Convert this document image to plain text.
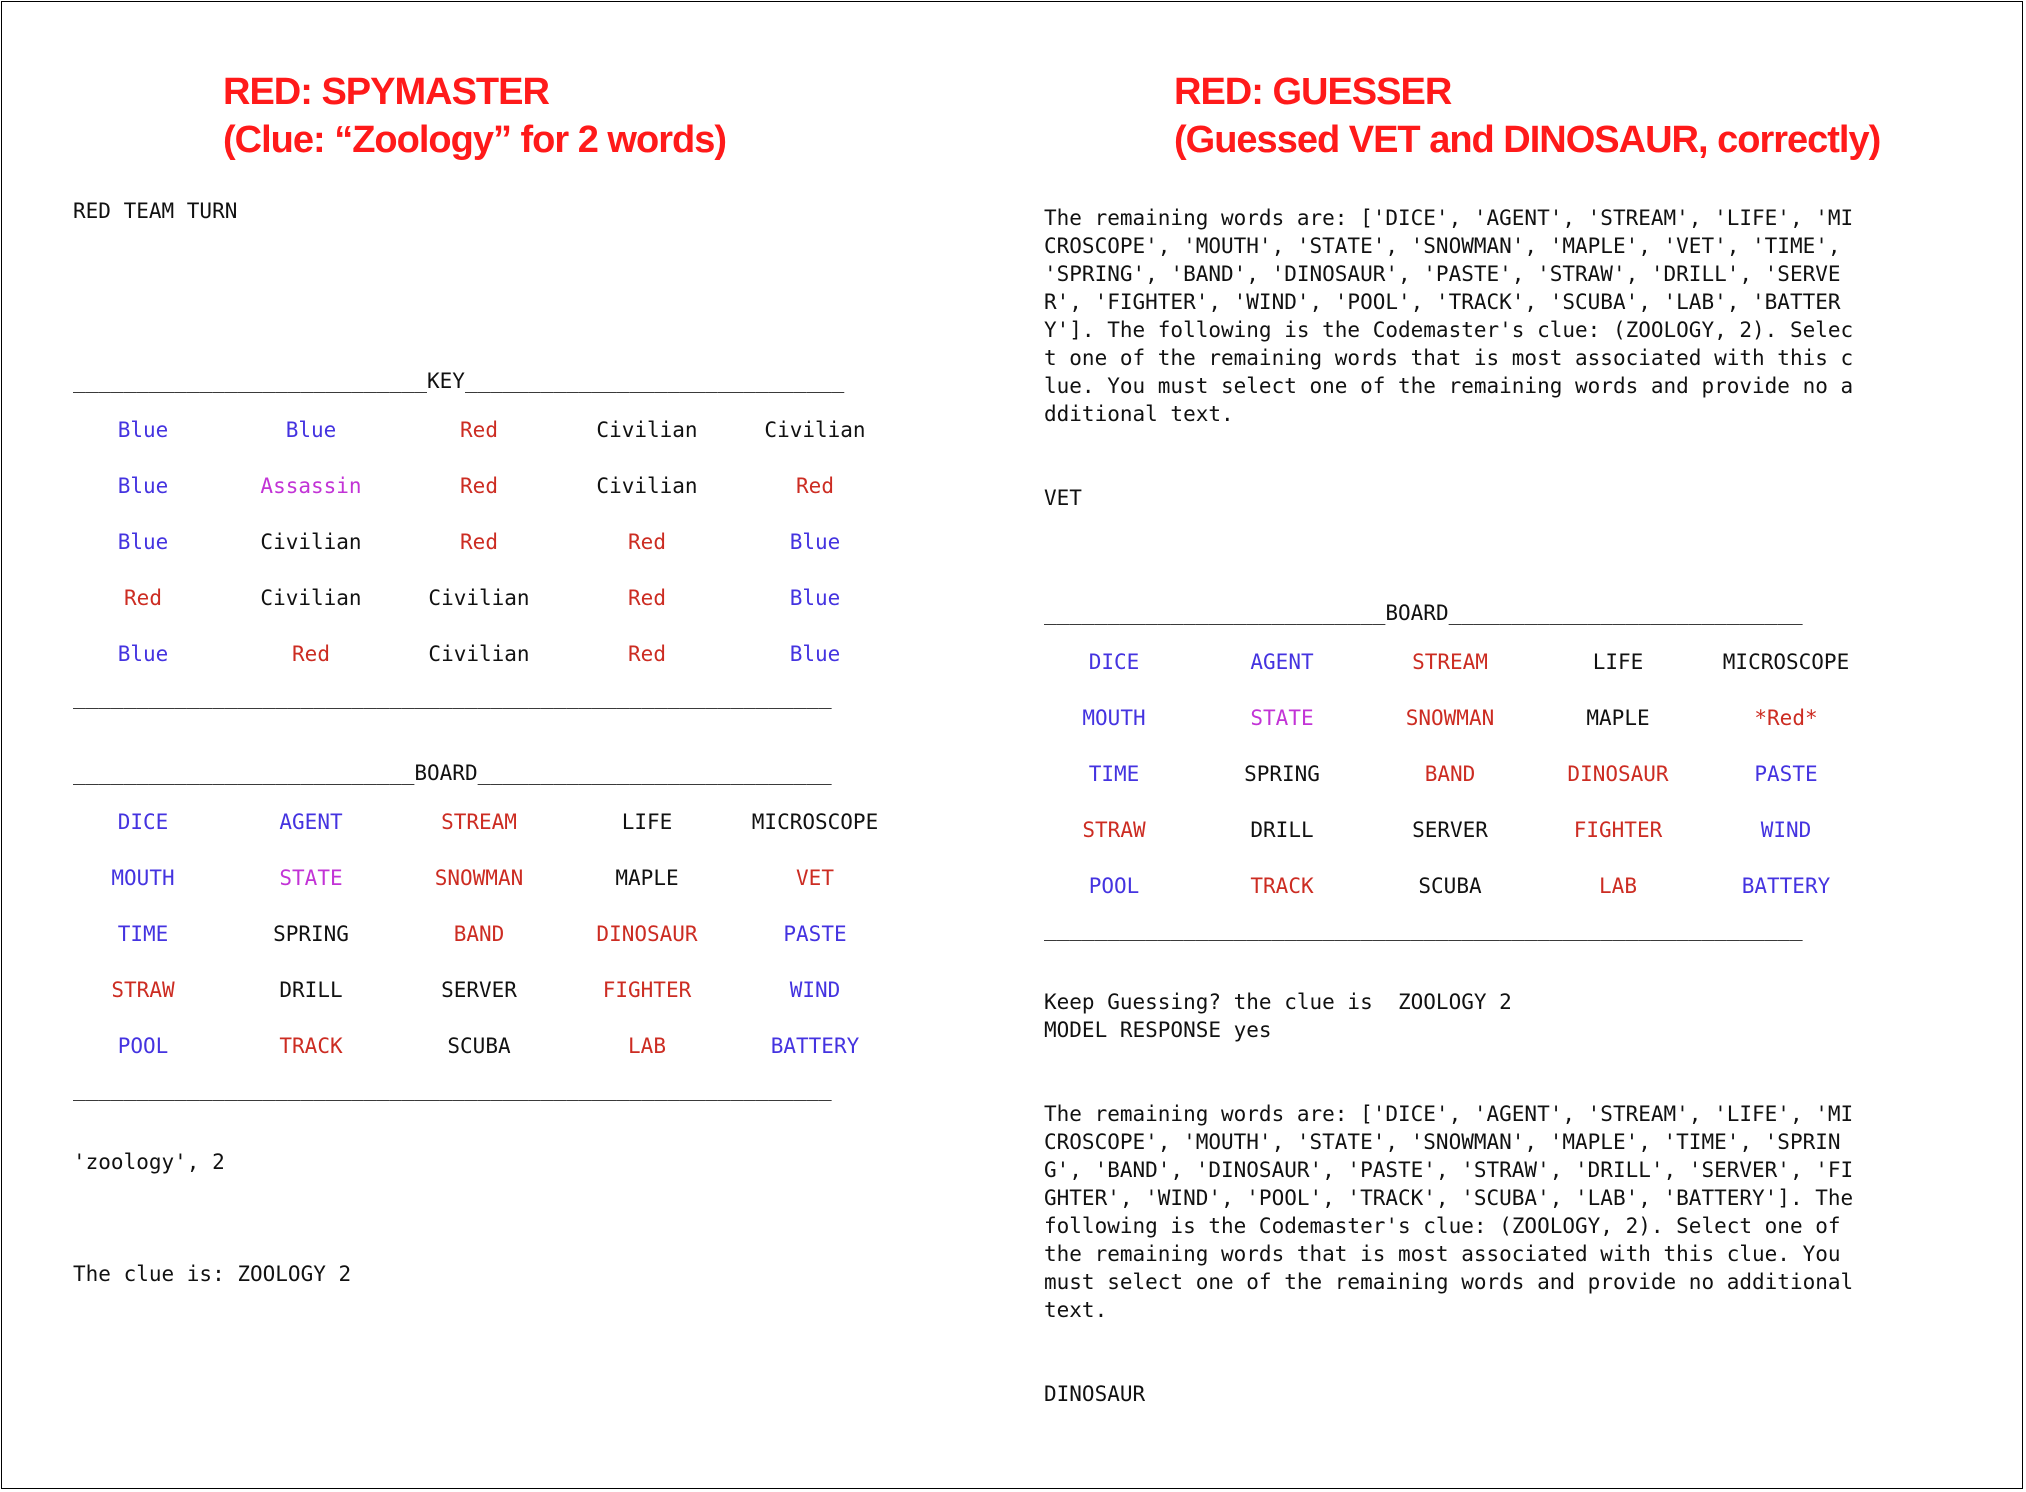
RED: SPYMASTER
(Clue: “Zoology” for 2 words)
RED TEAM TURN
____________________________KEY______________________________
Blue	Blue	Red	Civilian	Civilian
Blue	Assassin	Red	Civilian	Red
Blue	Civilian	Red	Red	Blue
Red	Civilian	Civilian	Red	Blue
Blue	Red	Civilian	Red	Blue
____________________________________________________________
___________________________BOARD____________________________
DICE	AGENT	STREAM	LIFE	MICROSCOPE
MOUTH	STATE	SNOWMAN	MAPLE	VET
TIME	SPRING	BAND	DINOSAUR	PASTE
STRAW	DRILL	SERVER	FIGHTER	WIND
POOL	TRACK	SCUBA	LAB	BATTERY
____________________________________________________________
'zoology', 2
The clue is: ZOOLOGY 2
RED: GUESSER
(Guessed VET and DINOSAUR, correctly)
The remaining words are: ['DICE', 'AGENT', 'STREAM', 'LIFE', 'MICROSCOPE', 'MOUTH', 'STATE', 'SNOWMAN', 'MAPLE', 'VET', 'TIME', 'SPRING', 'BAND', 'DINOSAUR', 'PASTE', 'STRAW', 'DRILL', 'SERVER', 'FIGHTER', 'WIND', 'POOL', 'TRACK', 'SCUBA', 'LAB', 'BATTERY']. The following is the Codemaster's clue: (ZOOLOGY, 2). Select one of the remaining words that is most associated with this clue. You must select one of the remaining words and provide no additional text.
VET
___________________________BOARD____________________________
DICE	AGENT	STREAM	LIFE	MICROSCOPE
MOUTH	STATE	SNOWMAN	MAPLE	*Red*
TIME	SPRING	BAND	DINOSAUR	PASTE
STRAW	DRILL	SERVER	FIGHTER	WIND
POOL	TRACK	SCUBA	LAB	BATTERY
____________________________________________________________
Keep Guessing? the clue is  ZOOLOGY 2
MODEL RESPONSE yes
The remaining words are: ['DICE', 'AGENT', 'STREAM', 'LIFE', 'MICROSCOPE', 'MOUTH', 'STATE', 'SNOWMAN', 'MAPLE', 'TIME', 'SPRING', 'BAND', 'DINOSAUR', 'PASTE', 'STRAW', 'DRILL', 'SERVER', 'FIGHTER', 'WIND', 'POOL', 'TRACK', 'SCUBA', 'LAB', 'BATTERY']. The following is the Codemaster's clue: (ZOOLOGY, 2). Select one of the remaining words that is most associated with this clue. You must select one of the remaining words and provide no additional text.
DINOSAUR
